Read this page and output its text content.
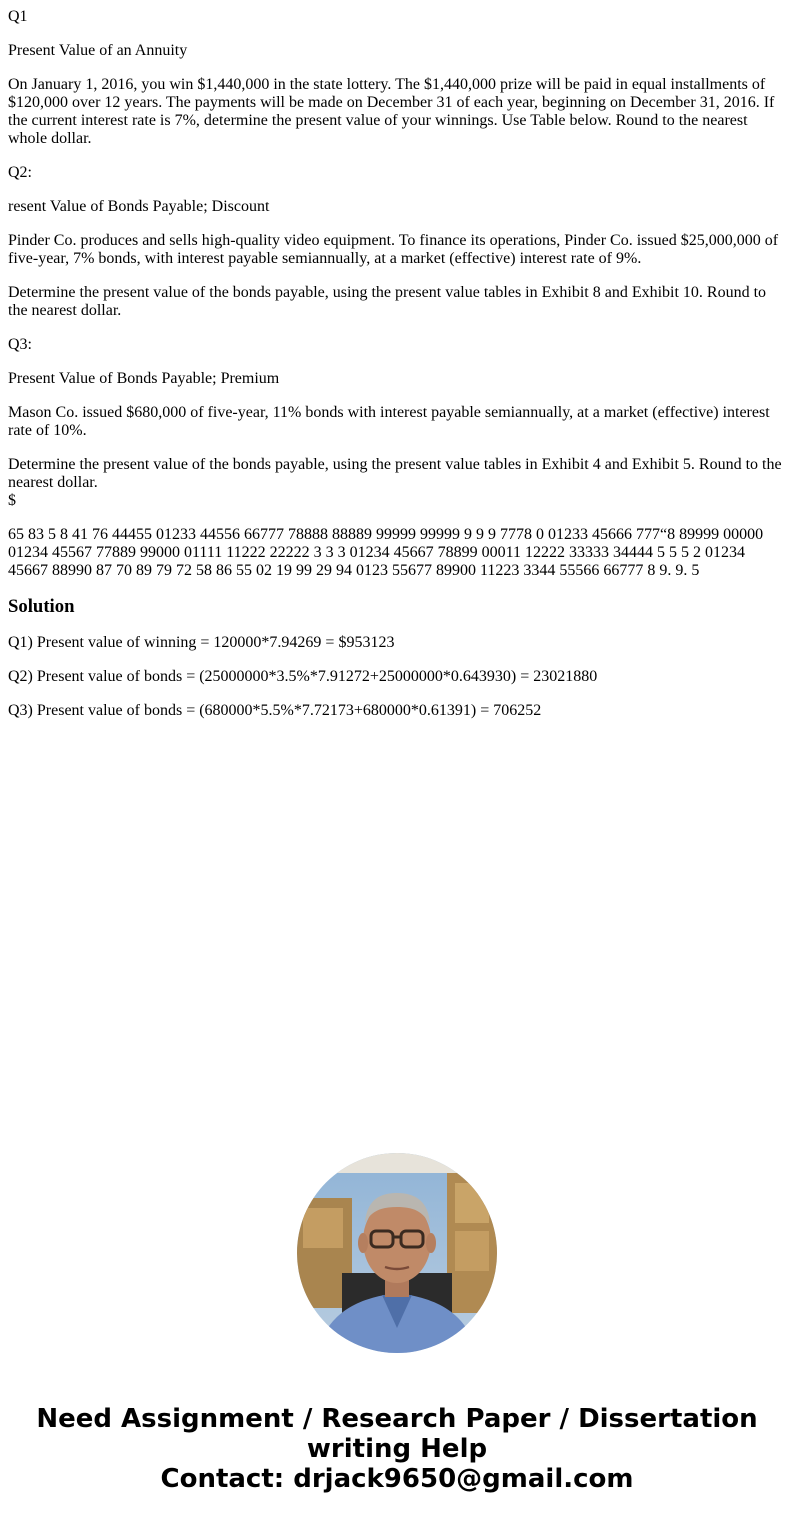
Q1

Present Value of an Annuity

On January 1, 2016, you win $1,440,000 in the state lottery. The $1,440,000 prize will be paid in equal installments of $120,000 over 12 years. The payments will be made on December 31 of each year, beginning on December 31, 2016. If the current interest rate is 7%, determine the present value of your winnings. Use Table below. Round to the nearest whole dollar.

Q2:

resent Value of Bonds Payable; Discount

Pinder Co. produces and sells high-quality video equipment. To finance its operations, Pinder Co. issued $25,000,000 of five-year, 7% bonds, with interest payable semiannually, at a market (effective) interest rate of 9%.

Determine the present value of the bonds payable, using the present value tables in Exhibit 8 and Exhibit 10. Round to the nearest dollar.

Q3:

Present Value of Bonds Payable; Premium

Mason Co. issued $680,000 of five-year, 11% bonds with interest payable semiannually, at a market (effective) interest rate of 10%.

Determine the present value of the bonds payable, using the present value tables in Exhibit 4 and Exhibit 5. Round to the nearest dollar.

$

65 83 5 8 41 76 44455 01233 44556 66777 78888 88889 99999 99999 9 9 9 7778 0 01233 45666 777“8 89999 00000 01234 45567 77889 99000 01111 11222 22222 3 3 3 01234 45667 78899 00011 12222 33333 34444 5 5 5 2 01234 45667 88990 87 70 89 79 72 58 86 55 02 19 99 29 94 0123 55677 89900 11223 3344 55566 66777 8 9. 9. 5

Solution

Q1) Present value of winning = 120000*7.94269 = $953123

Q2) Present value of bonds = (25000000*3.5%*7.91272+25000000*0.643930) = 23021880

Q3) Present value of bonds = (680000*5.5%*7.72173+680000*0.61391) = 706252

Need Assignment / Research Paper / Dissertation
writing Help
Contact: drjack9650@gmail.com
